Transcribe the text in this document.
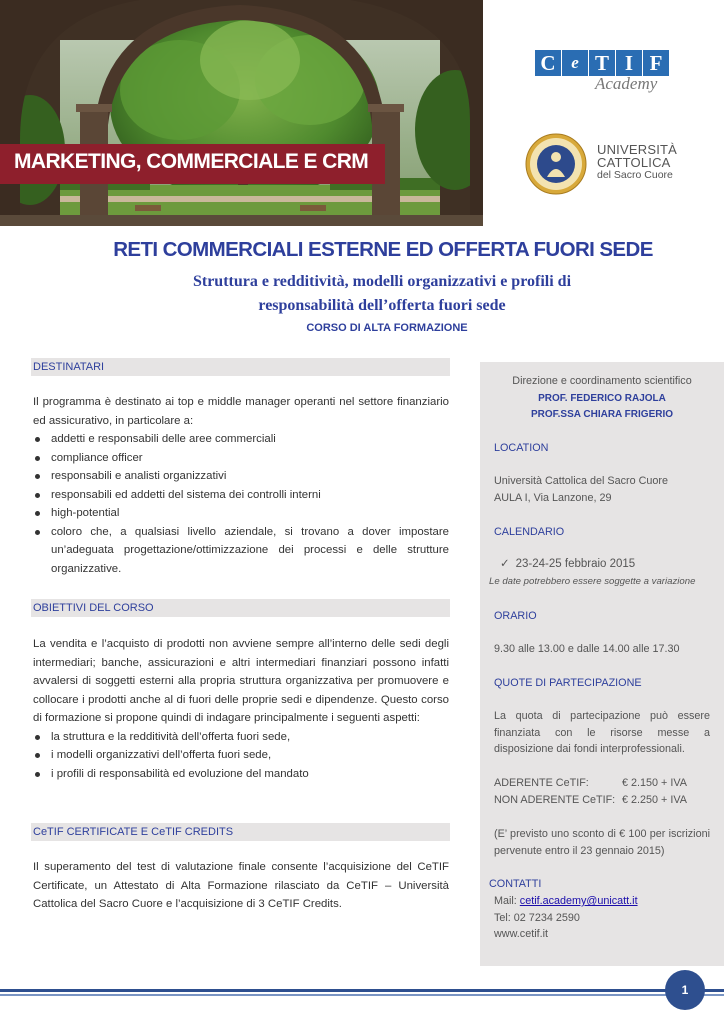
MARKETING, COMMERCIALE E CRM
C e T I F
Academy
UNIVERSITÀ
CATTOLICA
del Sacro Cuore
RETI COMMERCIALI ESTERNE ED OFFERTA FUORI SEDE
Struttura e redditività, modelli organizzativi e profili di
responsabilità dell’offerta fuori sede
CORSO DI ALTA FORMAZIONE
DESTINATARI

Il programma è destinato ai top e middle manager operanti nel settore finanziario ed assicurativo, in particolare a:

addetti e responsabili delle aree commerciali
compliance officer
responsabili e analisti organizzativi
responsabili ed addetti del sistema dei controlli interni
high-potential
coloro che, a qualsiasi livello aziendale, si trovano a dover impostare un’adeguata progettazione/ottimizzazione dei processi e delle strutture organizzative.
OBIETTIVI DEL CORSO

La vendita e l’acquisto di prodotti non avviene sempre all’interno delle sedi degli intermediari; banche, assicurazioni e altri intermediari finanziari possono infatti avvalersi di soggetti esterni alla propria struttura organizzativa per promuovere e collocare i prodotti anche al di fuori delle proprie sedi e dipendenze. Questo corso di formazione si propone quindi di indagare principalmente i seguenti aspetti:

la struttura e la redditività dell’offerta fuori sede,
i modelli organizzativi dell’offerta fuori sede,
i profili di responsabilità ed evoluzione del mandato
CeTIF CERTIFICATE E CeTIF CREDITS
Il superamento del test di valutazione finale consente l’acquisizione del CeTIF Certificate, un Attestato di Alta Formazione rilasciato da CeTIF – Università Cattolica del Sacro Cuore e l’acquisizione di 3 CeTIF Credits.
Direzione e coordinamento scientifico
PROF. FEDERICO RAJOLA
PROF.SSA CHIARA FRIGERIO
LOCATION
Università Cattolica del Sacro Cuore
AULA I, Via Lanzone, 29
CALENDARIO
✓ 23-24-25 febbraio 2015
Le date potrebbero essere soggette a variazione
ORARIO
9.30 alle 13.00 e dalle 14.00 alle 17.30
QUOTE DI PARTECIPAZIONE
La quota di partecipazione può essere finanziata con le risorse messe a disposizione dai fondi interprofessionali.
ADERENTE CeTIF:	€ 2.150 + IVA
NON ADERENTE CeTIF: € 2.250 + IVA
(E’ previsto uno sconto di € 100 per iscrizioni pervenute entro il 23 gennaio 2015)
CONTATTI
Mail: cetif.academy@unicatt.it
Tel: 02 7234 2590
www.cetif.it
1
